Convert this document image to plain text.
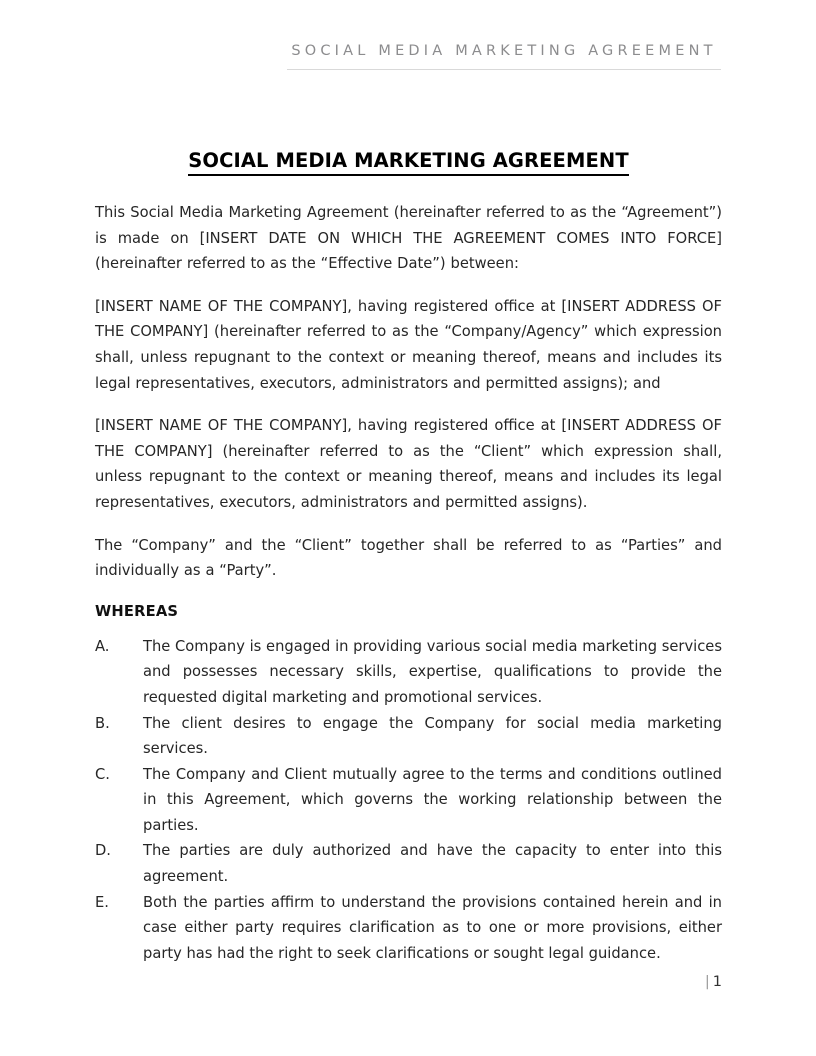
SOCIAL MEDIA MARKETING AGREEMENT
SOCIAL MEDIA MARKETING AGREEMENT

This Social Media Marketing Agreement (hereinafter referred to as the “Agreement”) is made on [INSERT DATE ON WHICH THE AGREEMENT COMES INTO FORCE] (hereinafter referred to as the “Effective Date”) between:

[INSERT NAME OF THE COMPANY], having registered office at [INSERT ADDRESS OF THE COMPANY] (hereinafter referred to as the “Company/Agency” which expression shall, unless repugnant to the context or meaning thereof, means and includes its legal representatives, executors, administrators and permitted assigns); and

[INSERT NAME OF THE COMPANY], having registered office at [INSERT ADDRESS OF THE COMPANY] (hereinafter referred to as the “Client” which expression shall, unless repugnant to the context or meaning thereof, means and includes its legal representatives, executors, administrators and permitted assigns).

The “Company” and the “Client” together shall be referred to as “Parties” and individually as a “Party”.

WHEREAS
A.	The Company is engaged in providing various social media marketing services and possesses necessary skills, expertise, qualifications to provide the requested digital marketing and promotional services.
B.	The client desires to engage the Company for social media marketing services.
C.	The Company and Client mutually agree to the terms and conditions outlined in this Agreement, which governs the working relationship between the parties.
D.	The parties are duly authorized and have the capacity to enter into this agreement.
E.	Both the parties affirm to understand the provisions contained herein and in case either party requires clarification as to one or more provisions, either party has had the right to seek clarifications or sought legal guidance.
| 1
